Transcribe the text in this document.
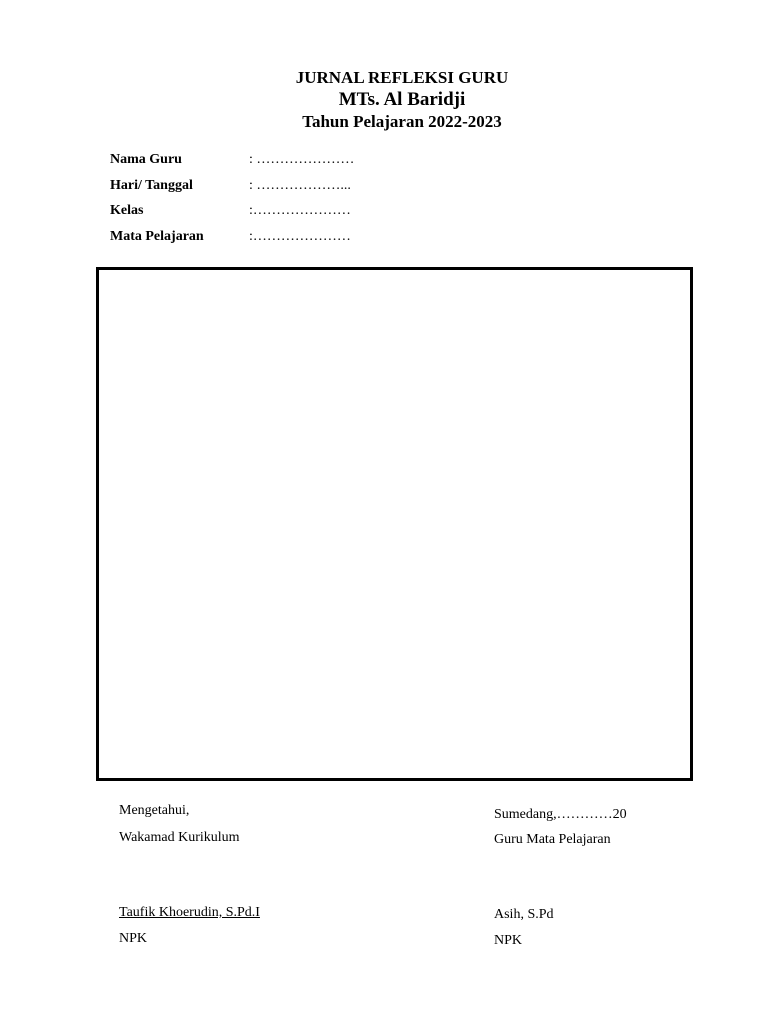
JURNAL REFLEKSI GURU
MTs. Al Baridji
Tahun Pelajaran 2022-2023
Nama Guru	: …………………
Hari/ Tanggal	: ………………...
Kelas	:…………………
Mata Pelajaran	:…………………
Mengetahui,
Wakamad Kurikulum
Taufik Khoerudin, S.Pd.I
NPK
Sumedang,…………20
Guru Mata Pelajaran
Asih, S.Pd
NPK
